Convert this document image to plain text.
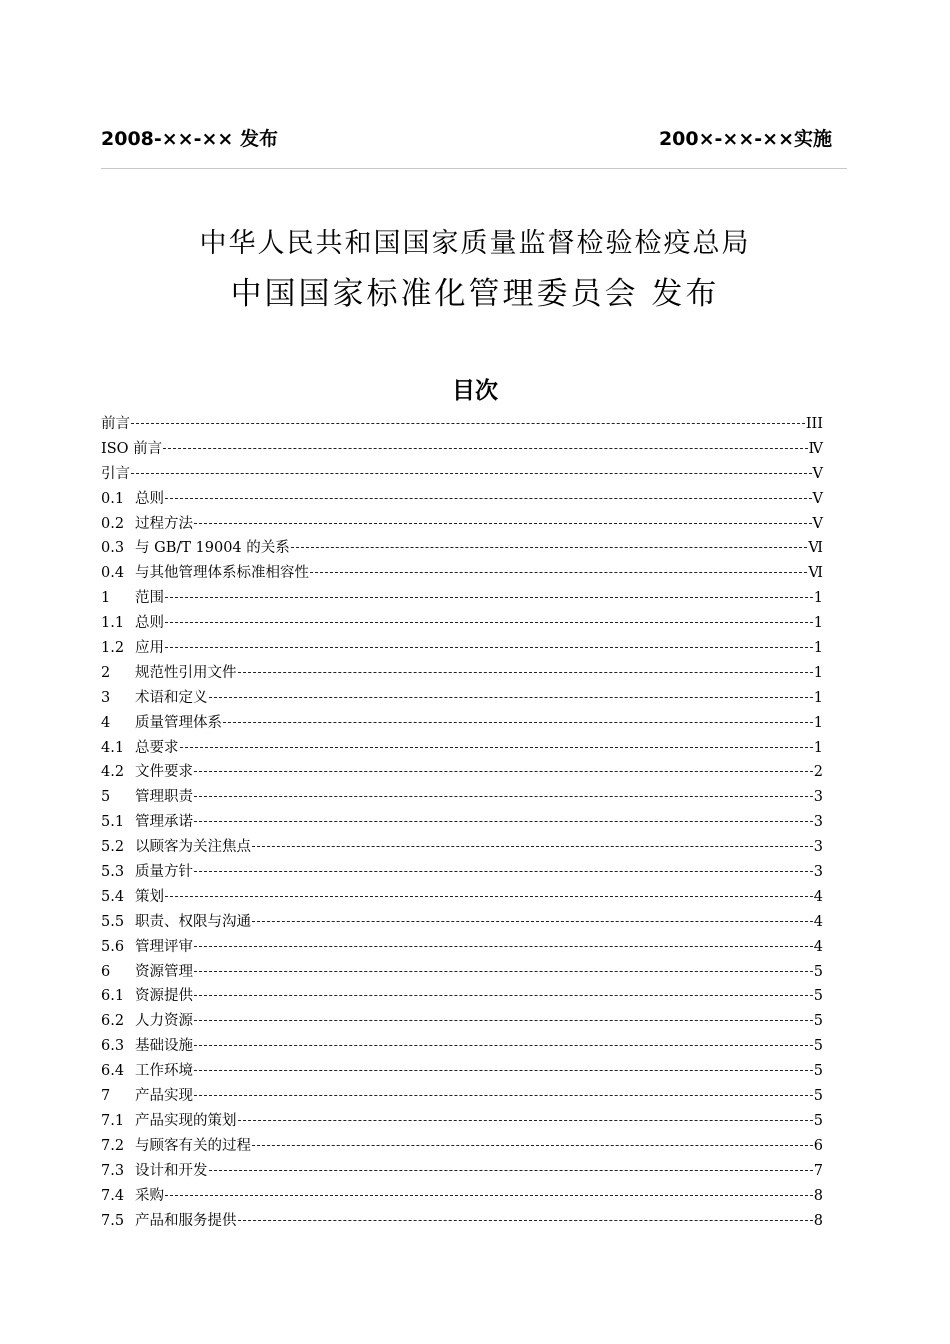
2008-××-×× 发布	200×-××-××实施
中华人民共和国国家质量监督检验检疫总局
中国国家标准化管理委员会 发布
目次
前言	III
ISO 前言	Ⅳ
引言	Ⅴ
0.1 总则	Ⅴ
0.2 过程方法	Ⅴ
0.3 与 GB/T 19004 的关系	Ⅵ
0.4 与其他管理体系标准相容性	Ⅵ
1	范围	1
1.1 总则	1
1.2 应用	1
2	规范性引用文件	1
3	术语和定义	1
4	质量管理体系	1
4.1 总要求	1
4.2 文件要求	2
5	管理职责	3
5.1 管理承诺	3
5.2 以顾客为关注焦点	3
5.3 质量方针	3
5.4 策划	4
5.5 职责、权限与沟通	4
5.6 管理评审	4
6	资源管理	5
6.1 资源提供	5
6.2 人力资源	5
6.3 基础设施	5
6.4 工作环境	5
7	产品实现	5
7.1 产品实现的策划	5
7.2 与顾客有关的过程	6
7.3 设计和开发	7
7.4 采购	8
7.5 产品和服务提供	8
